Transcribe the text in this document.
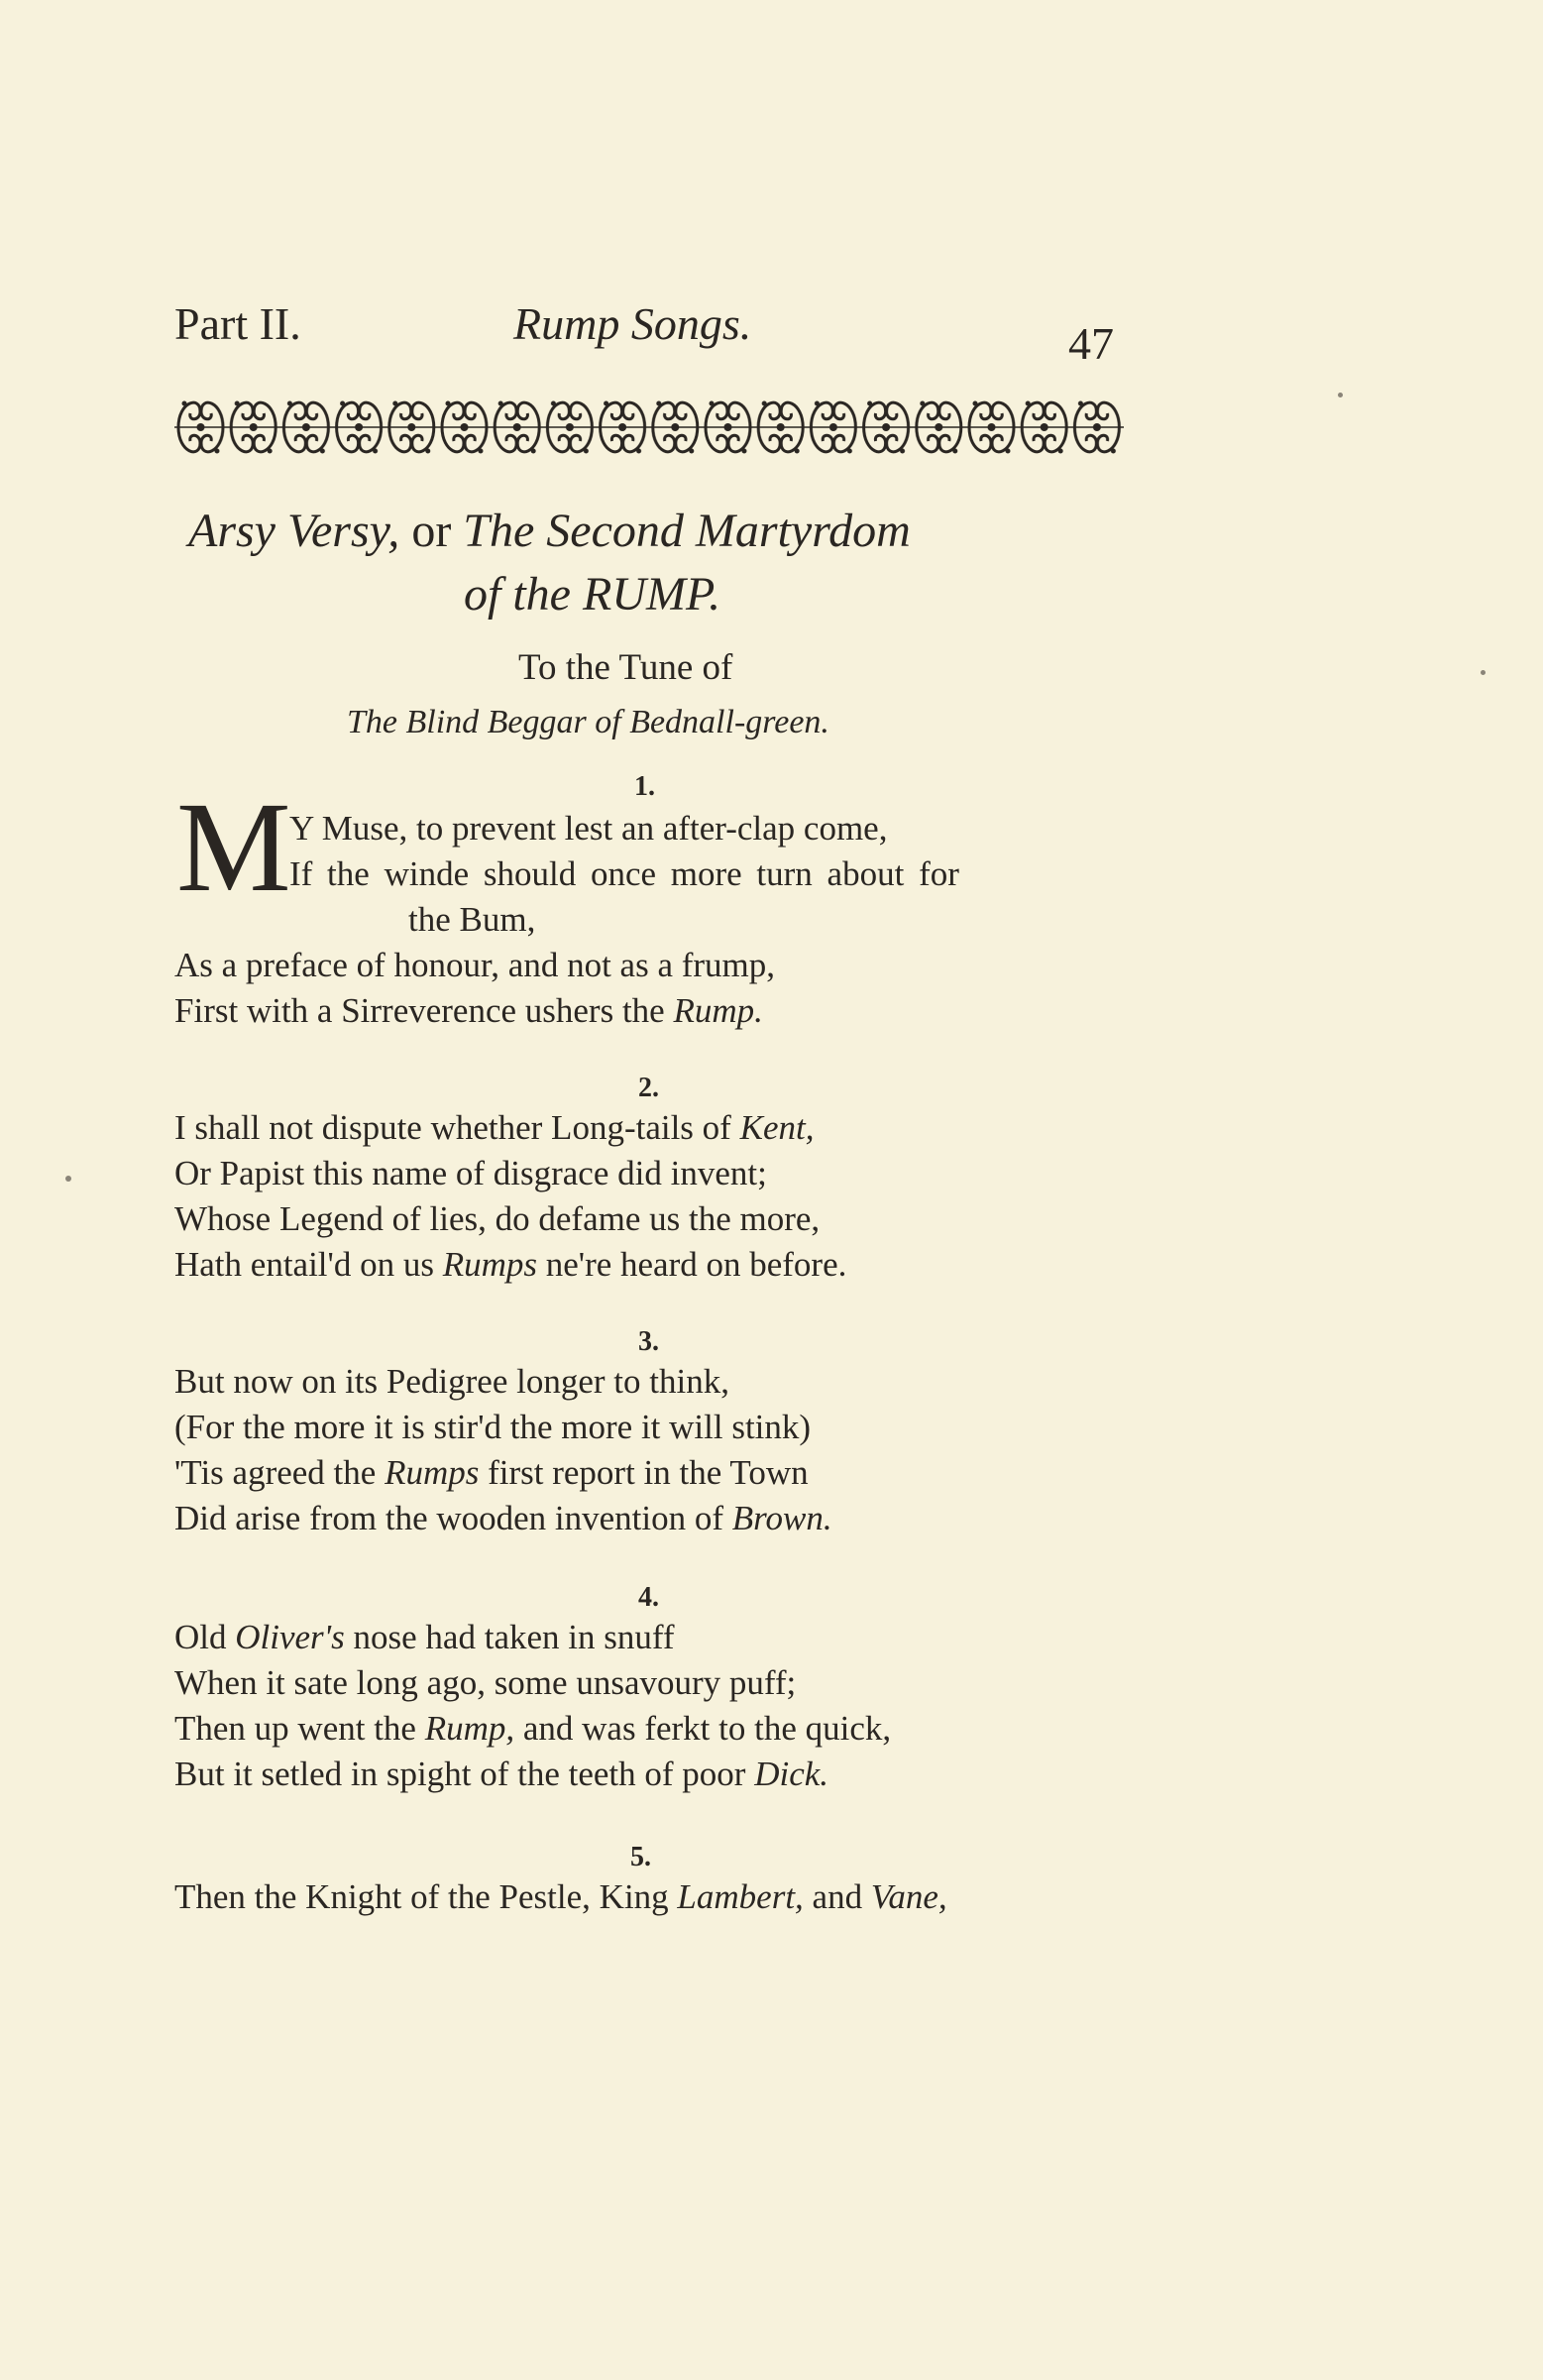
Part II.	Rump Songs.	47
Arsy Versy, or The Second Martyrdom
of the RUMP.
To the Tune of
The Blind Beggar of Bednall-green.
1.
M
Y Muse, to prevent lest an after-clap come,
If the winde should once more turn about for
the Bum,
As a preface of honour, and not as a frump,
First with a Sirreverence ushers the Rump.
2.
I shall not dispute whether Long-tails of Kent,
Or Papist this name of disgrace did invent;
Whose Legend of lies, do defame us the more,
Hath entail'd on us Rumps ne're heard on before.
3.
But now on its Pedigree longer to think,
(For the more it is stir'd the more it will stink)
'Tis agreed the Rumps first report in the Town
Did arise from the wooden invention of Brown.
4.
Old Oliver's nose had taken in snuff
When it sate long ago, some unsavoury puff;
Then up went the Rump, and was ferkt to the quick,
But it setled in spight of the teeth of poor Dick.
5.
Then the Knight of the Pestle, King Lambert, and Vane,
